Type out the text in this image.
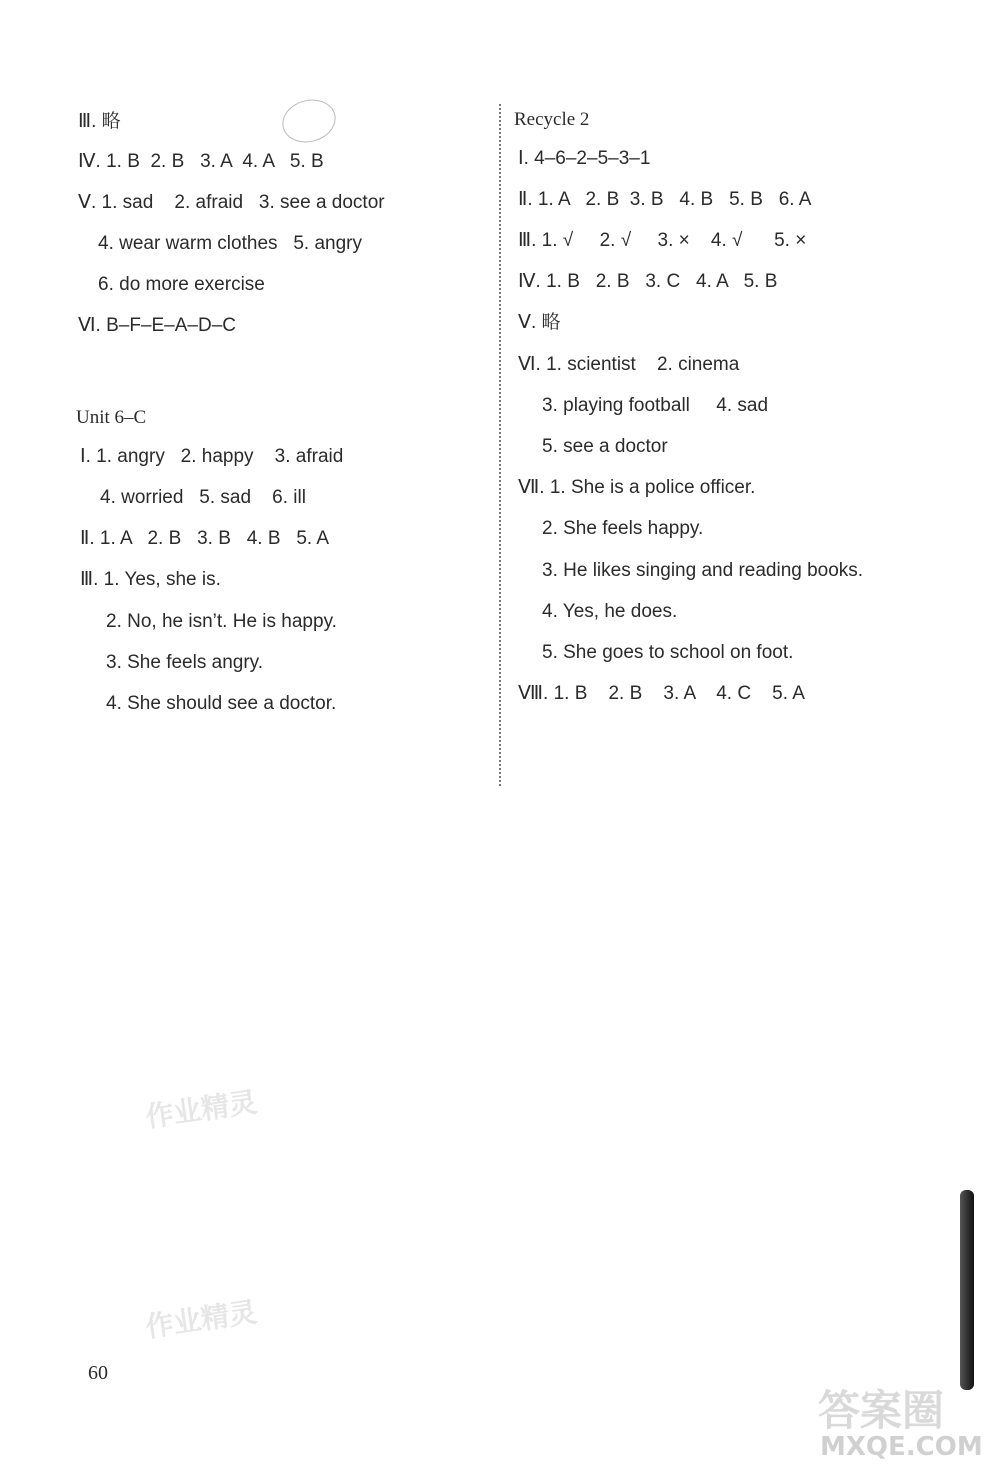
Ⅲ. 略
Ⅳ. 1. B  2. B   3. A  4. A   5. B
Ⅴ. 1. sad    2. afraid   3. see a doctor
4. wear warm clothes   5. angry
6. do more exercise
Ⅵ. B–F–E–A–D–C
Unit 6–C
Ⅰ. 1. angry   2. happy    3. afraid
4. worried   5. sad    6. ill
Ⅱ. 1. A   2. B   3. B   4. B   5. A
Ⅲ. 1. Yes, she is.
2. No, he isn’t. He is happy.
3. She feels angry.
4. She should see a doctor.
Recycle 2
Ⅰ. 4–6–2–5–3–1
Ⅱ. 1. A   2. B  3. B   4. B   5. B   6. A
Ⅲ. 1. √     2. √     3. ×    4. √      5. ×
Ⅳ. 1. B   2. B   3. C   4. A   5. B
Ⅴ. 略
Ⅵ. 1. scientist    2. cinema
3. playing football     4. sad
5. see a doctor
Ⅶ. 1. She is a police officer.
2. She feels happy.
3. He likes singing and reading books.
4. Yes, he does.
5. She goes to school on foot.
Ⅷ. 1. B    2. B    3. A    4. C    5. A
作业精灵
作业精灵
60
答案圈
MXQE.COM
